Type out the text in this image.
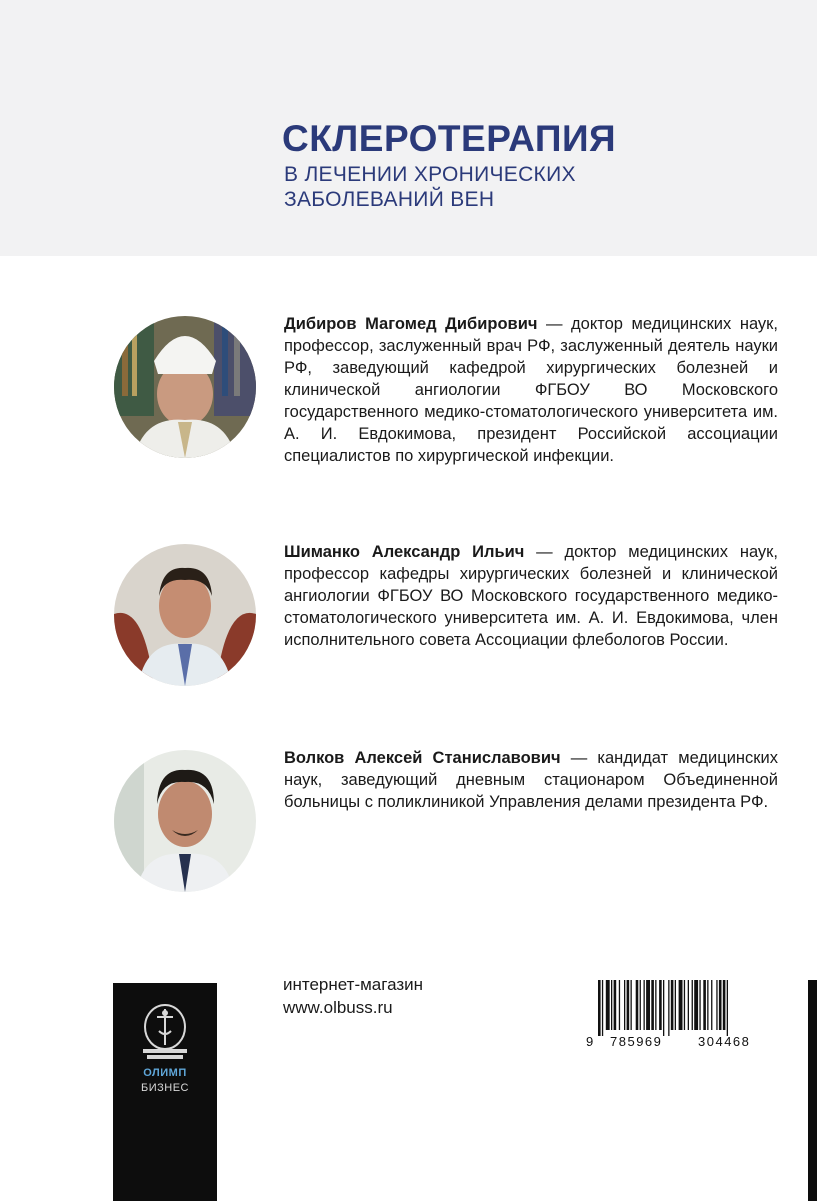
СКЛЕРОТЕРАПИЯ
В ЛЕЧЕНИИ ХРОНИЧЕСКИХ
ЗАБОЛЕВАНИЙ ВЕН

Дибиров Магомед Дибирович — доктор медицинских наук, профессор, заслуженный врач РФ, заслуженный деятель науки РФ, заведующий кафедрой хирургических болезней и клинической ангиологии ФГБОУ ВО Московского государственного медико-стоматологического университета им. А. И. Евдокимова, президент Российской ассоциации специалистов по хирургической инфекции.

Шиманко Александр Ильич — доктор медицинских наук, профессор кафедры хирургических болезней и клинической ангиологии ФГБОУ ВО Московского государственного медико-стоматологического университета им. А. И. Евдокимова, член исполнительного совета Ассоциации флебологов России.

Волков Алексей Станиславович — кандидат медицинских наук, заведующий дневным стационаром Объединенной больницы с поликлиникой Управления делами президента РФ.

ОЛИМП
БИЗНЕС
интернет-магазин
www.olbuss.ru
9 785969	304468
